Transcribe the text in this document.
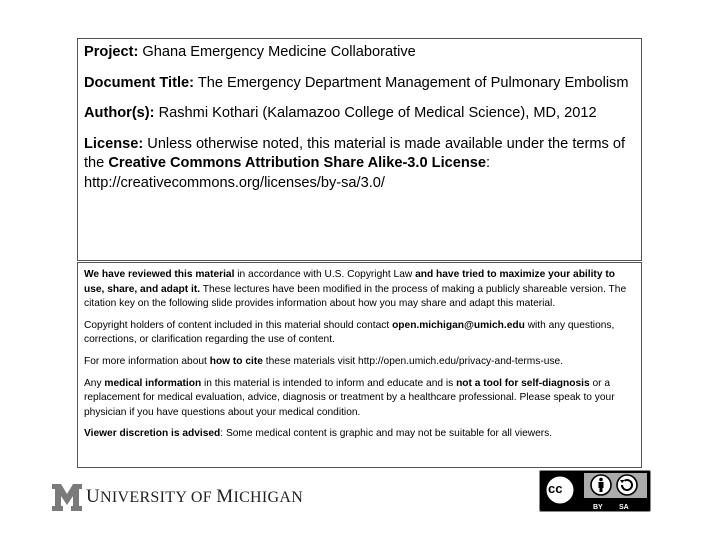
Project: Ghana Emergency Medicine Collaborative

Document Title: The Emergency Department Management of Pulmonary Embolism

Author(s): Rashmi Kothari (Kalamazoo College of Medical Science), MD, 2012

License: Unless otherwise noted, this material is made available under the terms of the Creative Commons Attribution Share Alike-3.0 License: http://creativecommons.org/licenses/by-sa/3.0/

We have reviewed this material in accordance with U.S. Copyright Law and have tried to maximize your ability to use, share, and adapt it. These lectures have been modified in the process of making a publicly shareable version. The citation key on the following slide provides information about how you may share and adapt this material.

Copyright holders of content included in this material should contact open.michigan@umich.edu with any questions, corrections, or clarification regarding the use of content.

For more information about how to cite these materials visit http://open.umich.edu/privacy-and-terms-use.

Any medical information in this material is intended to inform and educate and is not a tool for self-diagnosis or a replacement for medical evaluation, advice, diagnosis or treatment by a healthcare professional. Please speak to your physician if you have questions about your medical condition.

Viewer discretion is advised: Some medical content is graphic and may not be suitable for all viewers.

UNIVERSITY OF MICHIGAN
cc
BY SA
